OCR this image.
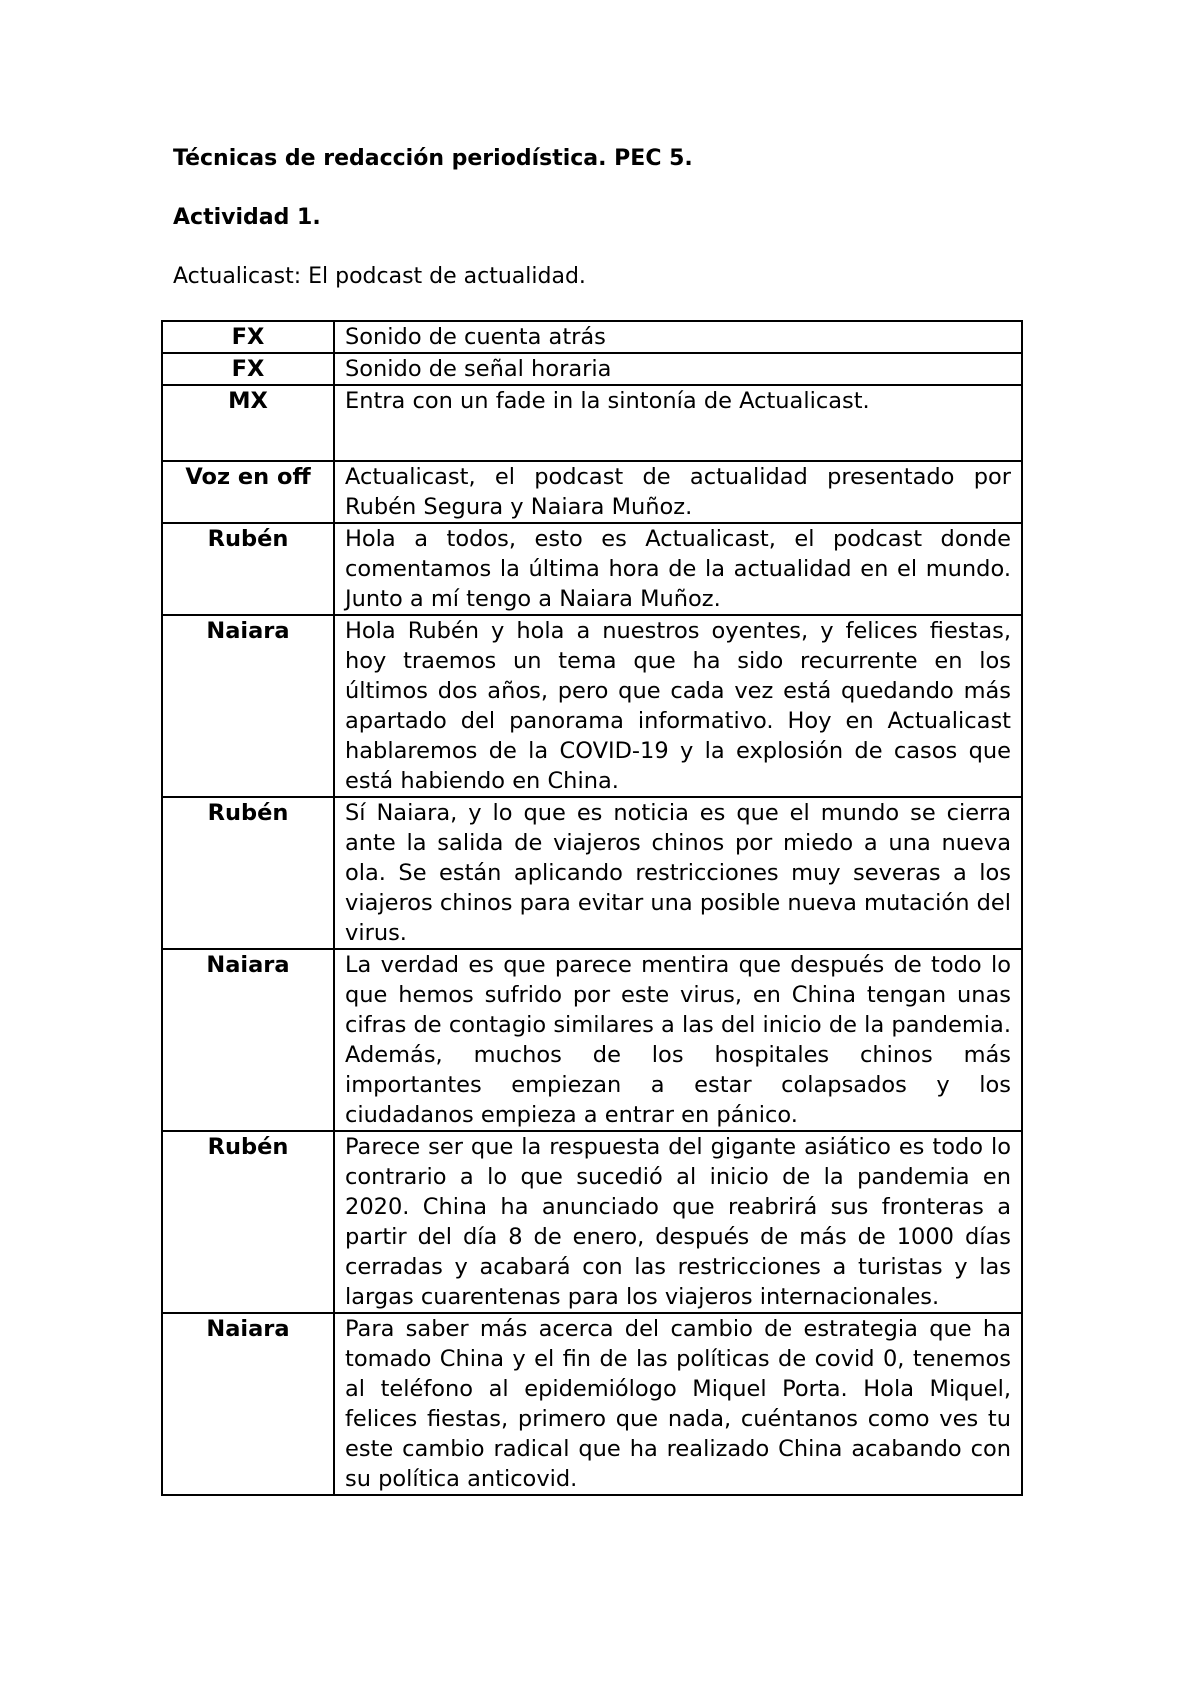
Técnicas de redacción periodística. PEC 5.
Actividad 1.
Actualicast: El podcast de actualidad.
FX	Sonido de cuenta atrás
FX	Sonido de señal horaria
MX	Entra con un fade in la sintonía de Actualicast.
Voz en off	Actualicast, el podcast de actualidad presentado por Rubén Segura y Naiara Muñoz.
Rubén	Hola a todos, esto es Actualicast, el podcast donde comentamos la última hora de la actualidad en el mundo. Junto a mí tengo a Naiara Muñoz.
Naiara	Hola Rubén y hola a nuestros oyentes, y felices fiestas, hoy traemos un tema que ha sido recurrente en los últimos dos años, pero que cada vez está quedando más apartado del panorama informativo. Hoy en Actualicast hablaremos de la COVID-19 y la explosión de casos que está habiendo en China.
Rubén	Sí Naiara, y lo que es noticia es que el mundo se cierra ante la salida de viajeros chinos por miedo a una nueva ola. Se están aplicando restricciones muy severas a los viajeros chinos para evitar una posible nueva mutación del virus.
Naiara	La verdad es que parece mentira que después de todo lo que hemos sufrido por este virus, en China tengan unas cifras de contagio similares a las del inicio de la pandemia. Además, muchos de los hospitales chinos más importantes empiezan a estar colapsados y los ciudadanos empieza a entrar en pánico.
Rubén	Parece ser que la respuesta del gigante asiático es todo lo contrario a lo que sucedió al inicio de la pandemia en 2020. China ha anunciado que reabrirá sus fronteras a partir del día 8 de enero, después de más de 1000 días cerradas y acabará con las restricciones a turistas y las largas cuarentenas para los viajeros internacionales.
Naiara	Para saber más acerca del cambio de estrategia que ha tomado China y el fin de las políticas de covid 0, tenemos al teléfono al epidemiólogo Miquel Porta. Hola Miquel, felices fiestas, primero que nada, cuéntanos como ves tu este cambio radical que ha realizado China acabando con su política anticovid.
